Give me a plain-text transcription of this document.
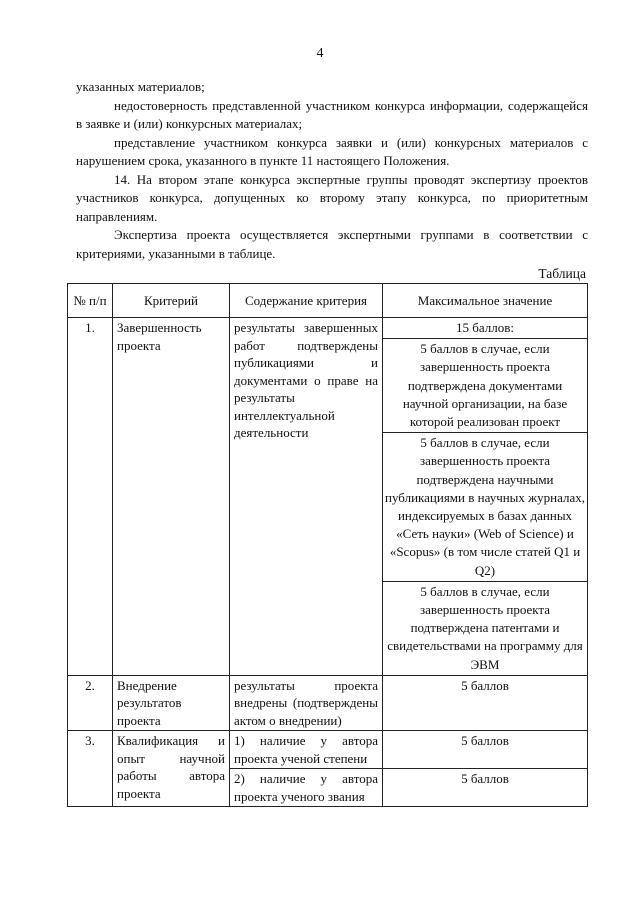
4

указанных материалов;

недостоверность представленной участником конкурса информации, содержащейся в заявке и (или) конкурсных материалах;

представление участником конкурса заявки и (или) конкурсных материалов с нарушением срока, указанного в пункте 11 настоящего Положения.

14. На втором этапе конкурса экспертные группы проводят экспертизу проектов участников конкурса, допущенных ко второму этапу конкурса, по приоритетным направлениям.

Экспертиза проекта осуществляется экспертными группами в соответствии с критериями, указанными в таблице.

Таблица
№ п/п	Критерий	Содержание критерия	Максимальное значение
1.	Завершенность проекта	результаты завершенных работ подтверждены публикациями и документами о праве на результаты интеллектуальной деятельности	15 баллов:
			5 баллов в случае, если завершенность проекта подтверждена документами научной организации, на базе которой реализован проект
			5 баллов в случае, если завершенность проекта подтверждена научными публикациями в научных журналах, индексируемых в базах данных «Сеть науки» (Web of Science) и «Scopus» (в том числе статей Q1 и Q2)
			5 баллов в случае, если завершенность проекта подтверждена патентами и свидетельствами на программу для ЭВМ
2.	Внедрение результатов проекта	результаты проекта внедрены (подтверждены актом о внедрении)	5 баллов
3.	Квалификация и опыт научной работы автора проекта	1) наличие у автора проекта ученой степени	5 баллов
		2) наличие у автора проекта ученого звания	5 баллов
